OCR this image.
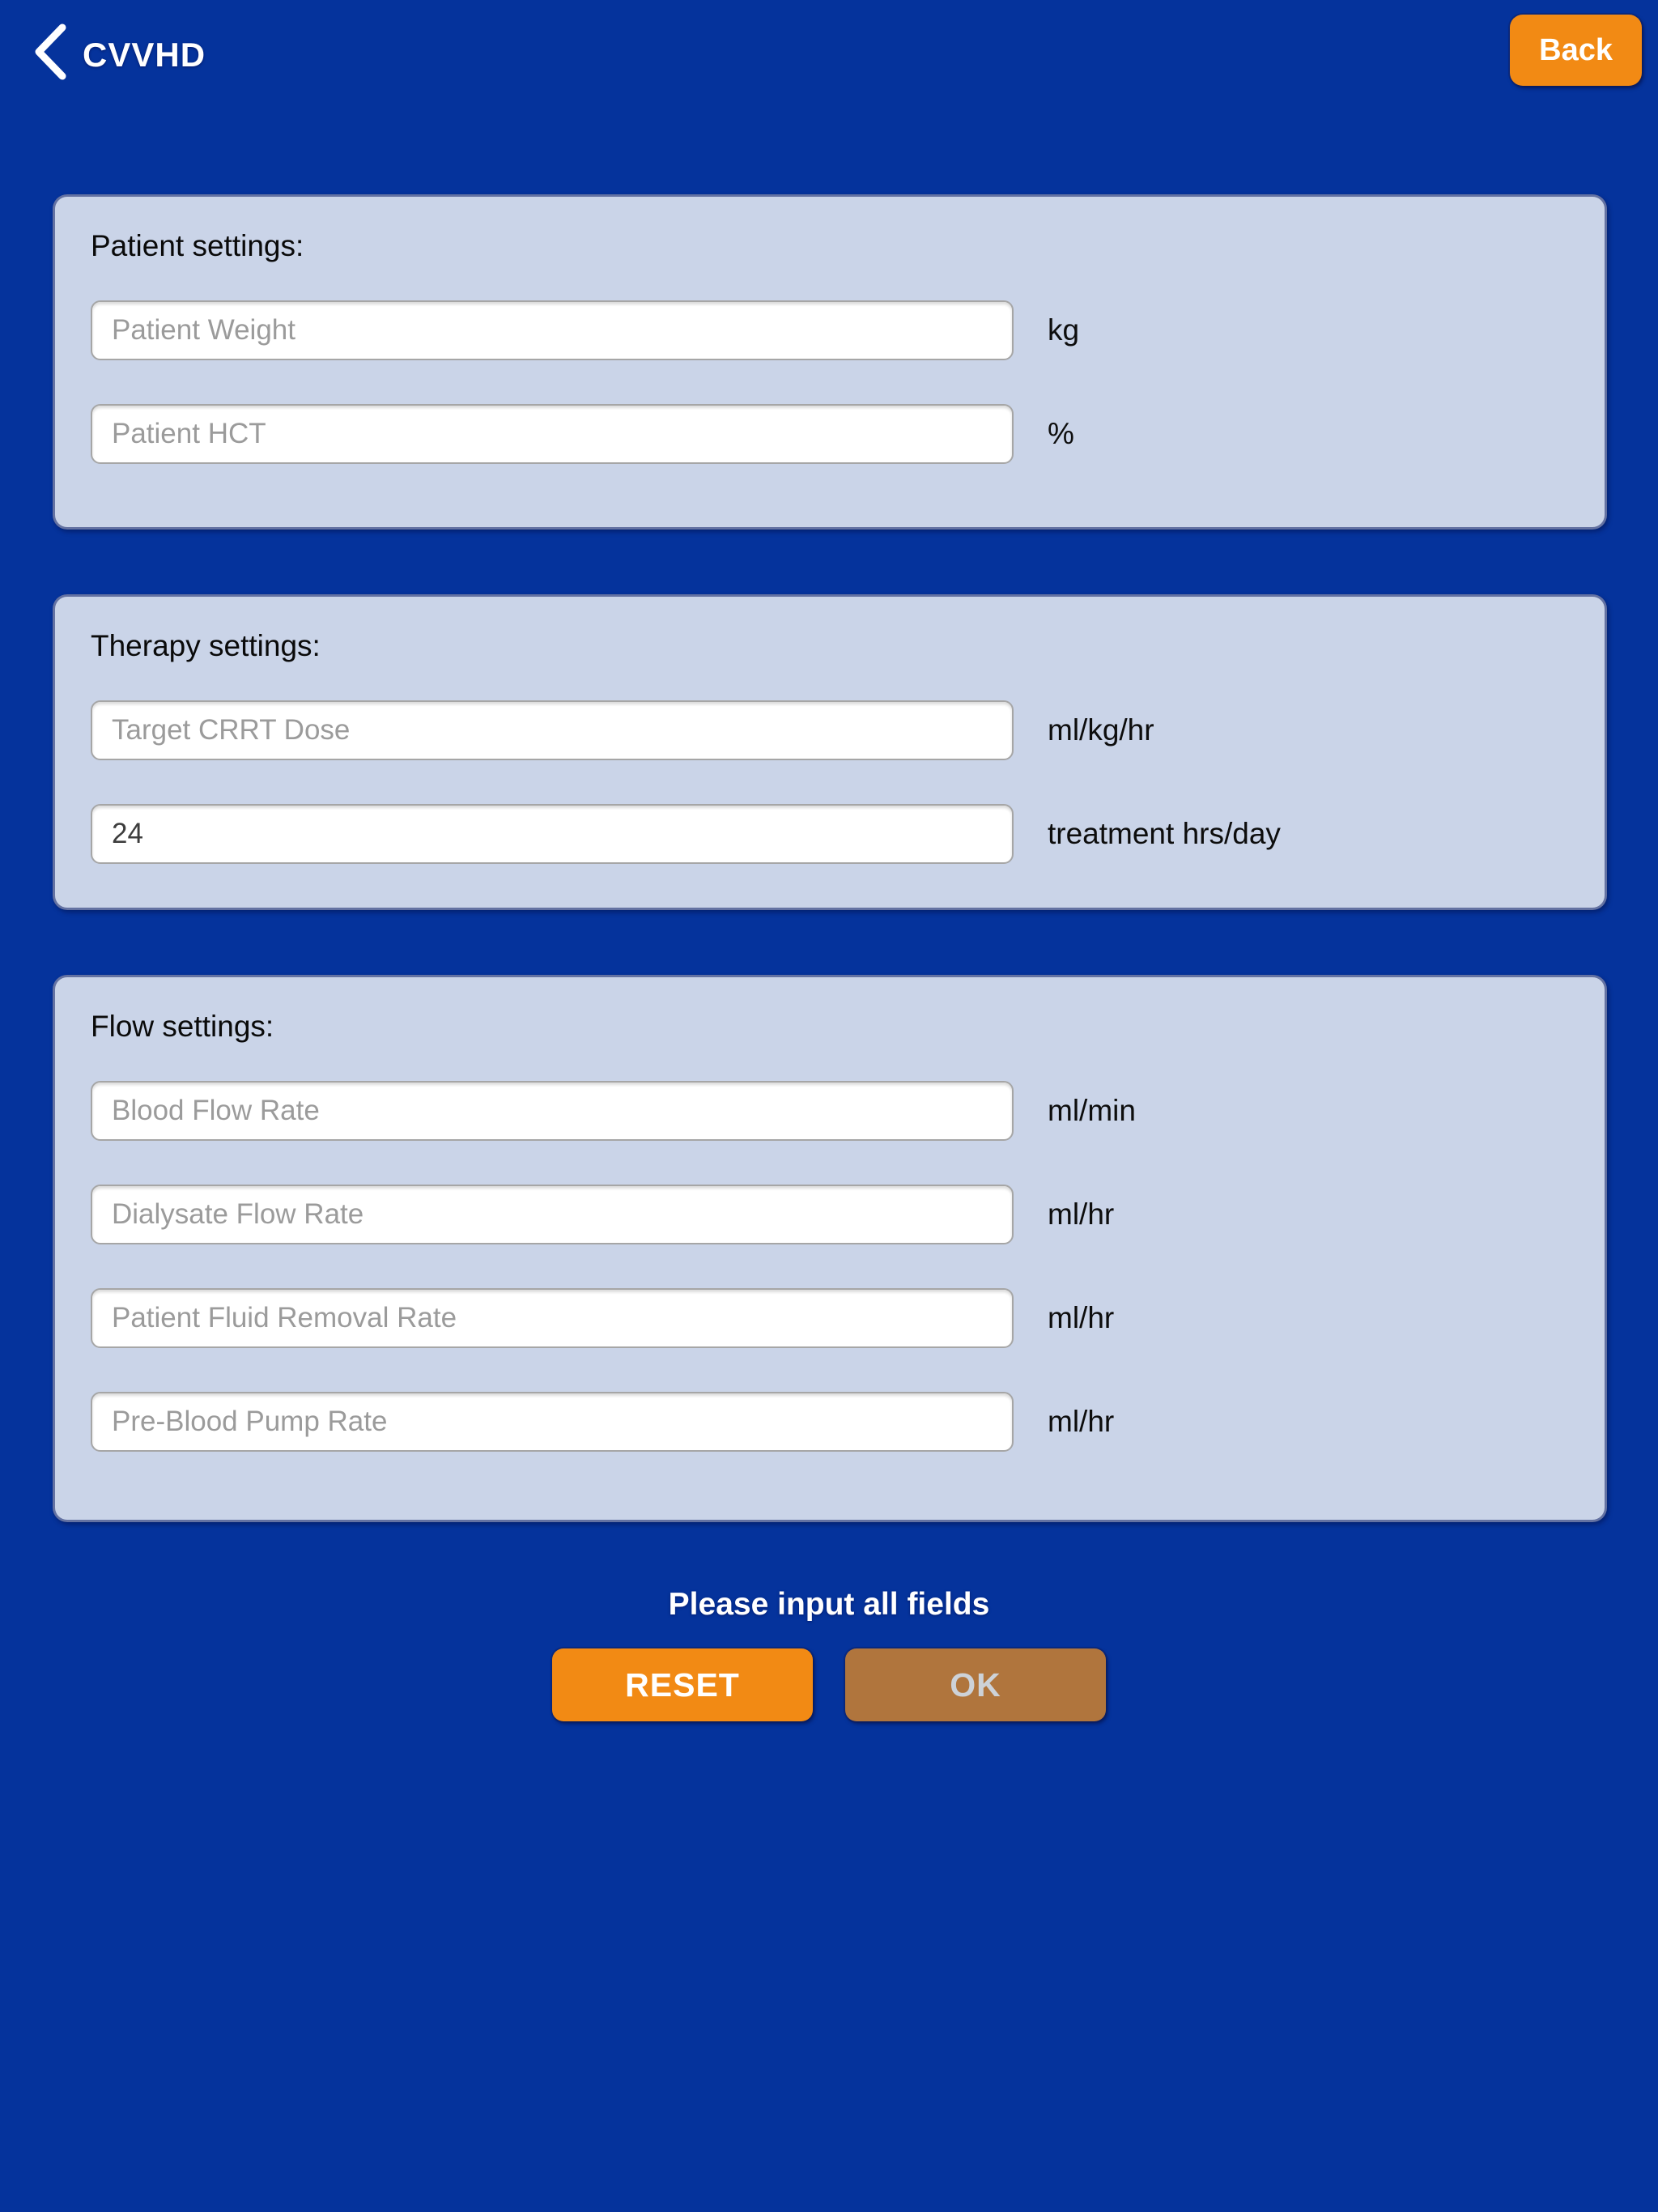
CVVHD	Back
Patient settings:
Patient Weight
kg
Patient HCT
%
Therapy settings:
Target CRRT Dose
ml/kg/hr
24
treatment hrs/day
Flow settings:
Blood Flow Rate
ml/min
Dialysate Flow Rate
ml/hr
Patient Fluid Removal Rate
ml/hr
Pre-Blood Pump Rate
ml/hr
Please input all fields
RESET	OK
